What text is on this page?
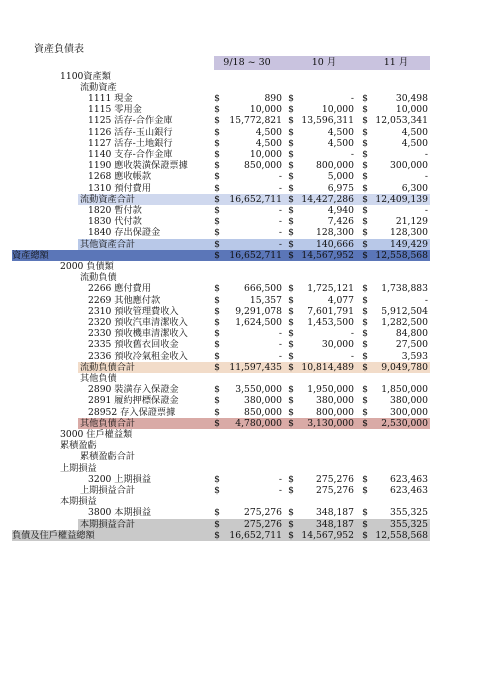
資產負債表
9/18 ~ 30	10 月	11 月
1100資產類
流動資產
1111 現金	$	890 $	- $	30,498
1115 零用金	$	10,000 $	10,000 $	10,000
1125 活存-合作金庫	$ 15,772,821 $ 13,596,311 $ 12,053,341
1126 活存-玉山銀行	$	4,500 $	4,500 $	4,500
1127 活存-土地銀行	$	4,500 $	4,500 $	4,500
1140 支存-合作金庫	$	10,000 $	- $	-
1190 應收裝潢保證票據	$	850,000 $ 800,000 $ 300,000
1268 應收帳款	$	- $	5,000 $	-
1310 預付費用	$	- $	6,975 $	6,300
流動資產合計	$ 16,652,711 $ 14,427,286 $ 12,409,139
1820 暫付款	$	- $	4,940 $	-
1830 代付款	$	- $	7,426 $	21,129
1840 存出保證金	$	- $ 128,300 $ 128,300
其他資產合計	$	- $ 140,666 $ 149,429
資產總額	$ 16,652,711 $ 14,567,952 $ 12,558,568
2000 負債類
流動負債
2266 應付費用	$	666,500 $ 1,725,121 $ 1,738,883
2269 其他應付款	$	15,357 $	4,077 $	-
2310 預收管理費收入	$ 9,291,078 $ 7,601,791 $ 5,912,504
2320 預收汽車清潔收入	$ 1,624,500 $ 1,453,500 $ 1,282,500
2330 預收機車清潔收入	$	- $	- $	84,800
2335 預收舊衣回收金	$	- $	30,000 $	27,500
2336 預收冷氣租金收入	$	- $	- $	3,593
流動負債合計	$ 11,597,435 $ 10,814,489 $ 9,049,780
其他負債
2890 裝潢存入保證金	$ 3,550,000 $ 1,950,000 $ 1,850,000
2891 履約押標保證金	$	380,000 $ 380,000 $ 380,000
28952 存入保證票據	$	850,000 $ 800,000 $ 300,000
其他負債合計	$ 4,780,000 $ 3,130,000 $ 2,530,000
3000 住戶權益類
累積盈虧
累積盈虧合計
上期損益
3200 上期損益	$	- $ 275,276 $ 623,463
上期損益合計	$	- $ 275,276 $ 623,463
本期損益
3800 本期損益	$	275,276 $ 348,187 $ 355,325
本期損益合計	$	275,276 $ 348,187 $ 355,325
負債及住戶權益總額	$ 16,652,711 $ 14,567,952 $ 12,558,568
